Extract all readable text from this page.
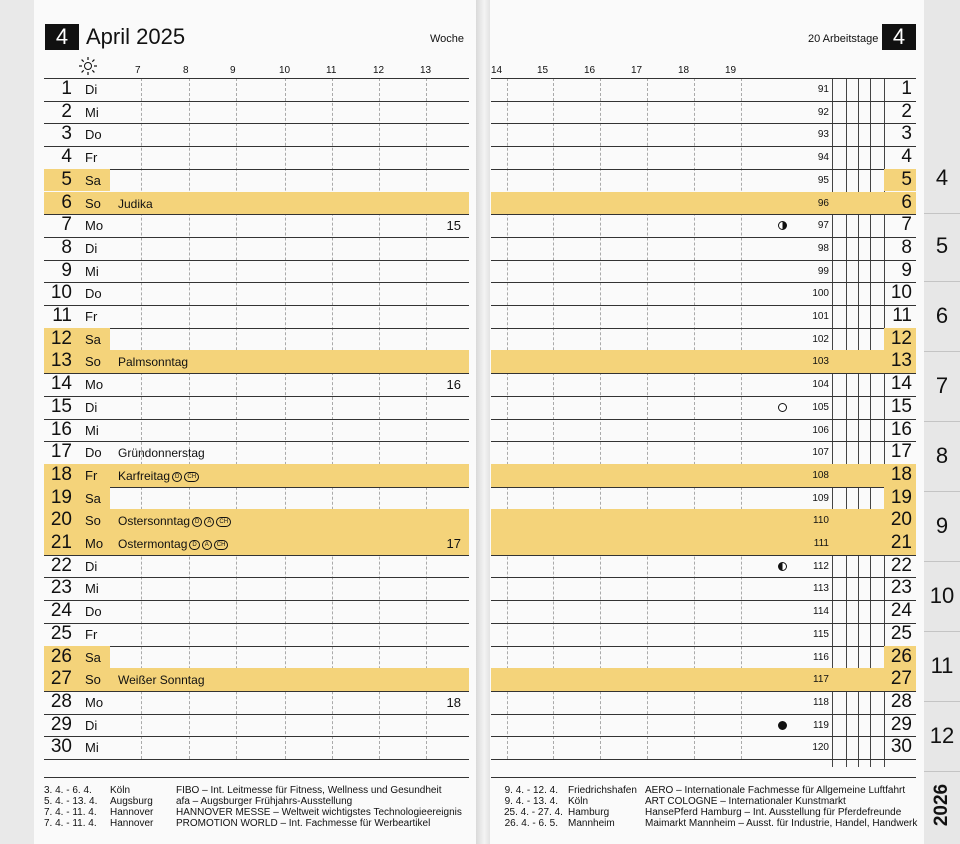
4
5
6
7
8
9
10
11
12
2026
4 April 2025	Woche	20 Arbeitstage 4
7	8	9	10	11	12	13	14	15	16	17	18	19
1 Di	91	1
2 Mi	92	2
3 Do	93	3
4 Fr	94	4
5 Sa	95	5
6 So Judika	96	6
7 Mo	15	97	7
8 Di	98	8
9 Mi	99	9
10 Do	100	10
11 Fr	101	11
12 Sa	102	12
13 So Palmsonntag	103	13
14 Mo	16	104	14
15 Di	105	15
16 Mi	106	16
17 Do Gründonnerstag	107	17
18 Fr Karfreitag D CH	108	18
19 Sa	109	19
20 So Ostersonntag D A CH	110	20
21 Mo Ostermontag D A CH	17	111	21
22 Di	112	22
23 Mi	113	23
24 Do	114	24
25 Fr	115	25
26 Sa	116	26
27 So Weißer Sonntag	117	27
28 Mo	18	118	28
29 Di	119	29
30 Mi	120	30
3. 4. - 6. 4. Köln	FIBO – Int. Leitmesse für Fitness, Wellness und Gesundheit
5. 4. - 13. 4. Augsburg afa – Augsburger Frühjahrs-Ausstellung
7. 4. - 11. 4. Hannover HANNOVER MESSE – Weltweit wichtigstes Technologieereignis
7. 4. - 11. 4. Hannover PROMOTION WORLD – Int. Fachmesse für Werbeartikel
9. 4. - 12. 4. Friedrichshafen AERO – Internationale Fachmesse für Allgemeine Luftfahrt
9. 4. - 13. 4. Köln	ART COLOGNE – Internationaler Kunstmarkt
25. 4. - 27. 4. Hamburg	HansePferd Hamburg – Int. Ausstellung für Pferdefreunde
26. 4. - 6. 5. Mannheim	Maimarkt Mannheim – Ausst. für Industrie, Handel, Handwerk
